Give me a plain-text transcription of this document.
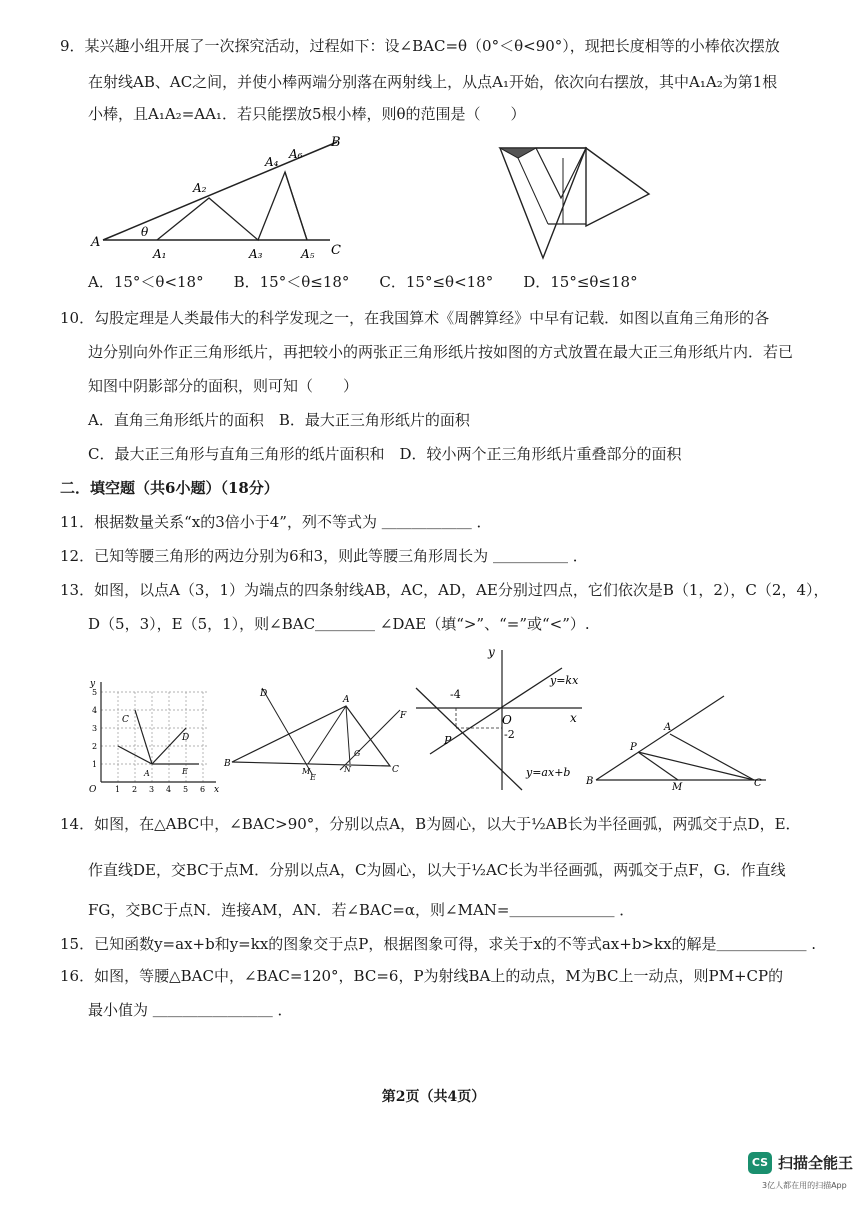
9．某兴趣小组开展了一次探究活动，过程如下：设∠BAC=θ（0°＜θ<90°），现把长度相等的小棒依次摆放
在射线AB、AC之间，并使小棒两端分别落在两射线上，从点A₁开始，依次向右摆放，其中A₁A₂为第1根
小棒，且A₁A₂=AA₁．若只能摆放5根小棒，则θ的范围是（　　）
A
A₁
A₂
A₃
A₄
A₆
A₅
B
C
θ
A．15°＜θ<18°　　B．15°＜θ≤18°　　C．15°≤θ<18°　　D．15°≤θ≤18°
10．勾股定理是人类最伟大的科学发现之一，在我国算术《周髀算经》中早有记载．如图以直角三角形的各
边分别向外作正三角形纸片，再把较小的两张正三角形纸片按如图的方式放置在最大正三角形纸片内．若已
知图中阴影部分的面积，则可知（　　）
A．直角三角形纸片的面积　B．最大正三角形纸片的面积
C．最大正三角形与直角三角形的纸片面积和　D．较小两个正三角形纸片重叠部分的面积
二．填空题（共6小题）（18分）
11．根据数量关系“x的3倍小于4”，列不等式为 ＿＿＿＿＿＿ ．
12．已知等腰三角形的两边分别为6和3，则此等腰三角形周长为 ＿＿＿＿＿ ．
13．如图，以点A（3，1）为端点的四条射线AB，AC，AD，AE分别过四点，它们依次是B（1，2），C（2，4），
D（5，3），E（5，1），则∠BAC＿＿＿＿ ∠DAE（填“>”、“=”或“<”）.
y
x
O 1 2 3 4 5 6
1
2
3
4
5
C
D
A	E
B
A
C
D
E
F
G
M	N
y
x
O
-4
-2
P
y=kx
y=ax+b
A
B	C
P
M
14．如图，在△ABC中，∠BAC>90°，分别以点A，B为圆心，以大于½AB长为半径画弧，两弧交于点D，E．
作直线DE，交BC于点M．分别以点A，C为圆心，以大于½AC长为半径画弧，两弧交于点F，G．作直线
FG，交BC于点N．连接AM，AN．若∠BAC=α，则∠MAN=＿＿＿＿＿＿＿ ．
15．已知函数y=ax+b和y=kx的图象交于点P，根据图象可得，求关于x的不等式ax+b>kx的解是＿＿＿＿＿＿ .
16．如图，等腰△BAC中，∠BAC=120°，BC=6，P为射线BA上的动点，M为BC上一动点，则PM+CP的
最小值为 ＿＿＿＿＿＿＿＿ ．
第2页（共4页）
CS 扫描全能王
3亿人都在用的扫描App
